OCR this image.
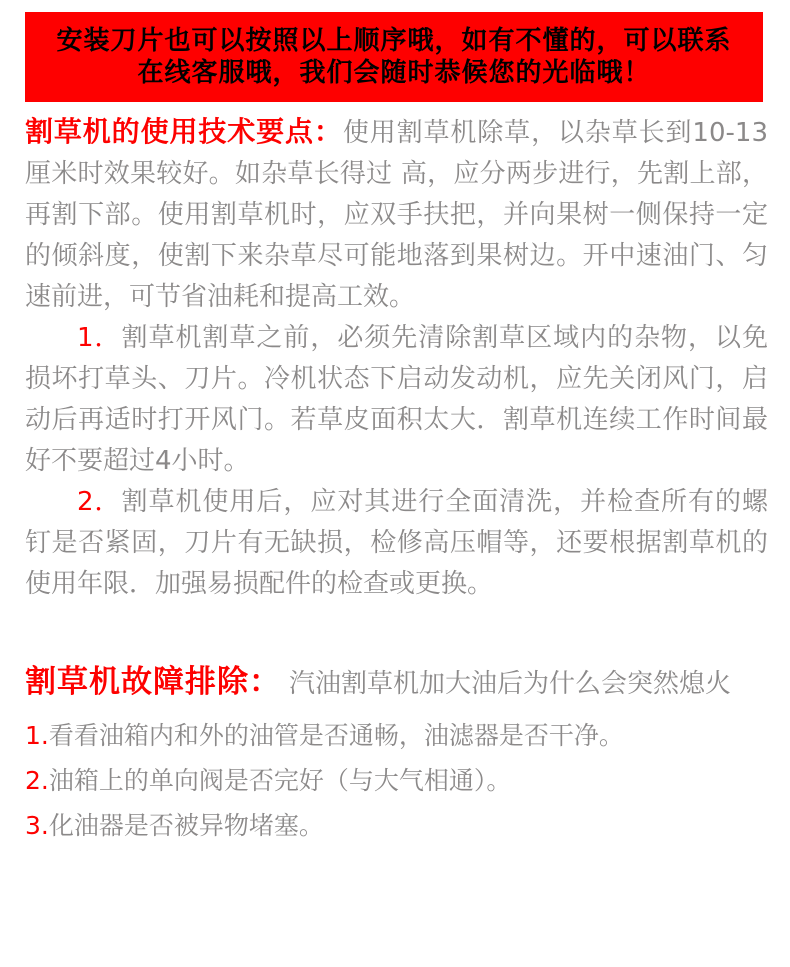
安装刀片也可以按照以上顺序哦，如有不懂的，可以联系
在线客服哦，我们会随时恭候您的光临哦！

割草机的使用技术要点：使用割草机除草，以杂草长到10-13厘米时效果较好。如杂草长得过 高，应分两步进行，先割上部，再割下部。使用割草机时，应双手扶把，并向果树一侧保持一定的倾斜度，使割下来杂草尽可能地落到果树边。开中速油门、匀速前进，可节省油耗和提高工效。

1．割草机割草之前，必须先清除割草区域内的杂物，以免损坏打草头、刀片。冷机状态下启动发动机，应先关闭风门，启动后再适时打开风门。若草皮面积太大．割草机连续工作时间最好不要超过4小时。

2．割草机使用后，应对其进行全面清洗，并检查所有的螺钉是否紧固，刀片有无缺损，检修高压帽等，还要根据割草机的使用年限．加强易损配件的检查或更换。

割草机故障排除： 汽油割草机加大油后为什么会突然熄火

1.看看油箱内和外的油管是否通畅，油滤器是否干净。

2.油箱上的单向阀是否完好（与大气相通）。

3.化油器是否被异物堵塞。
